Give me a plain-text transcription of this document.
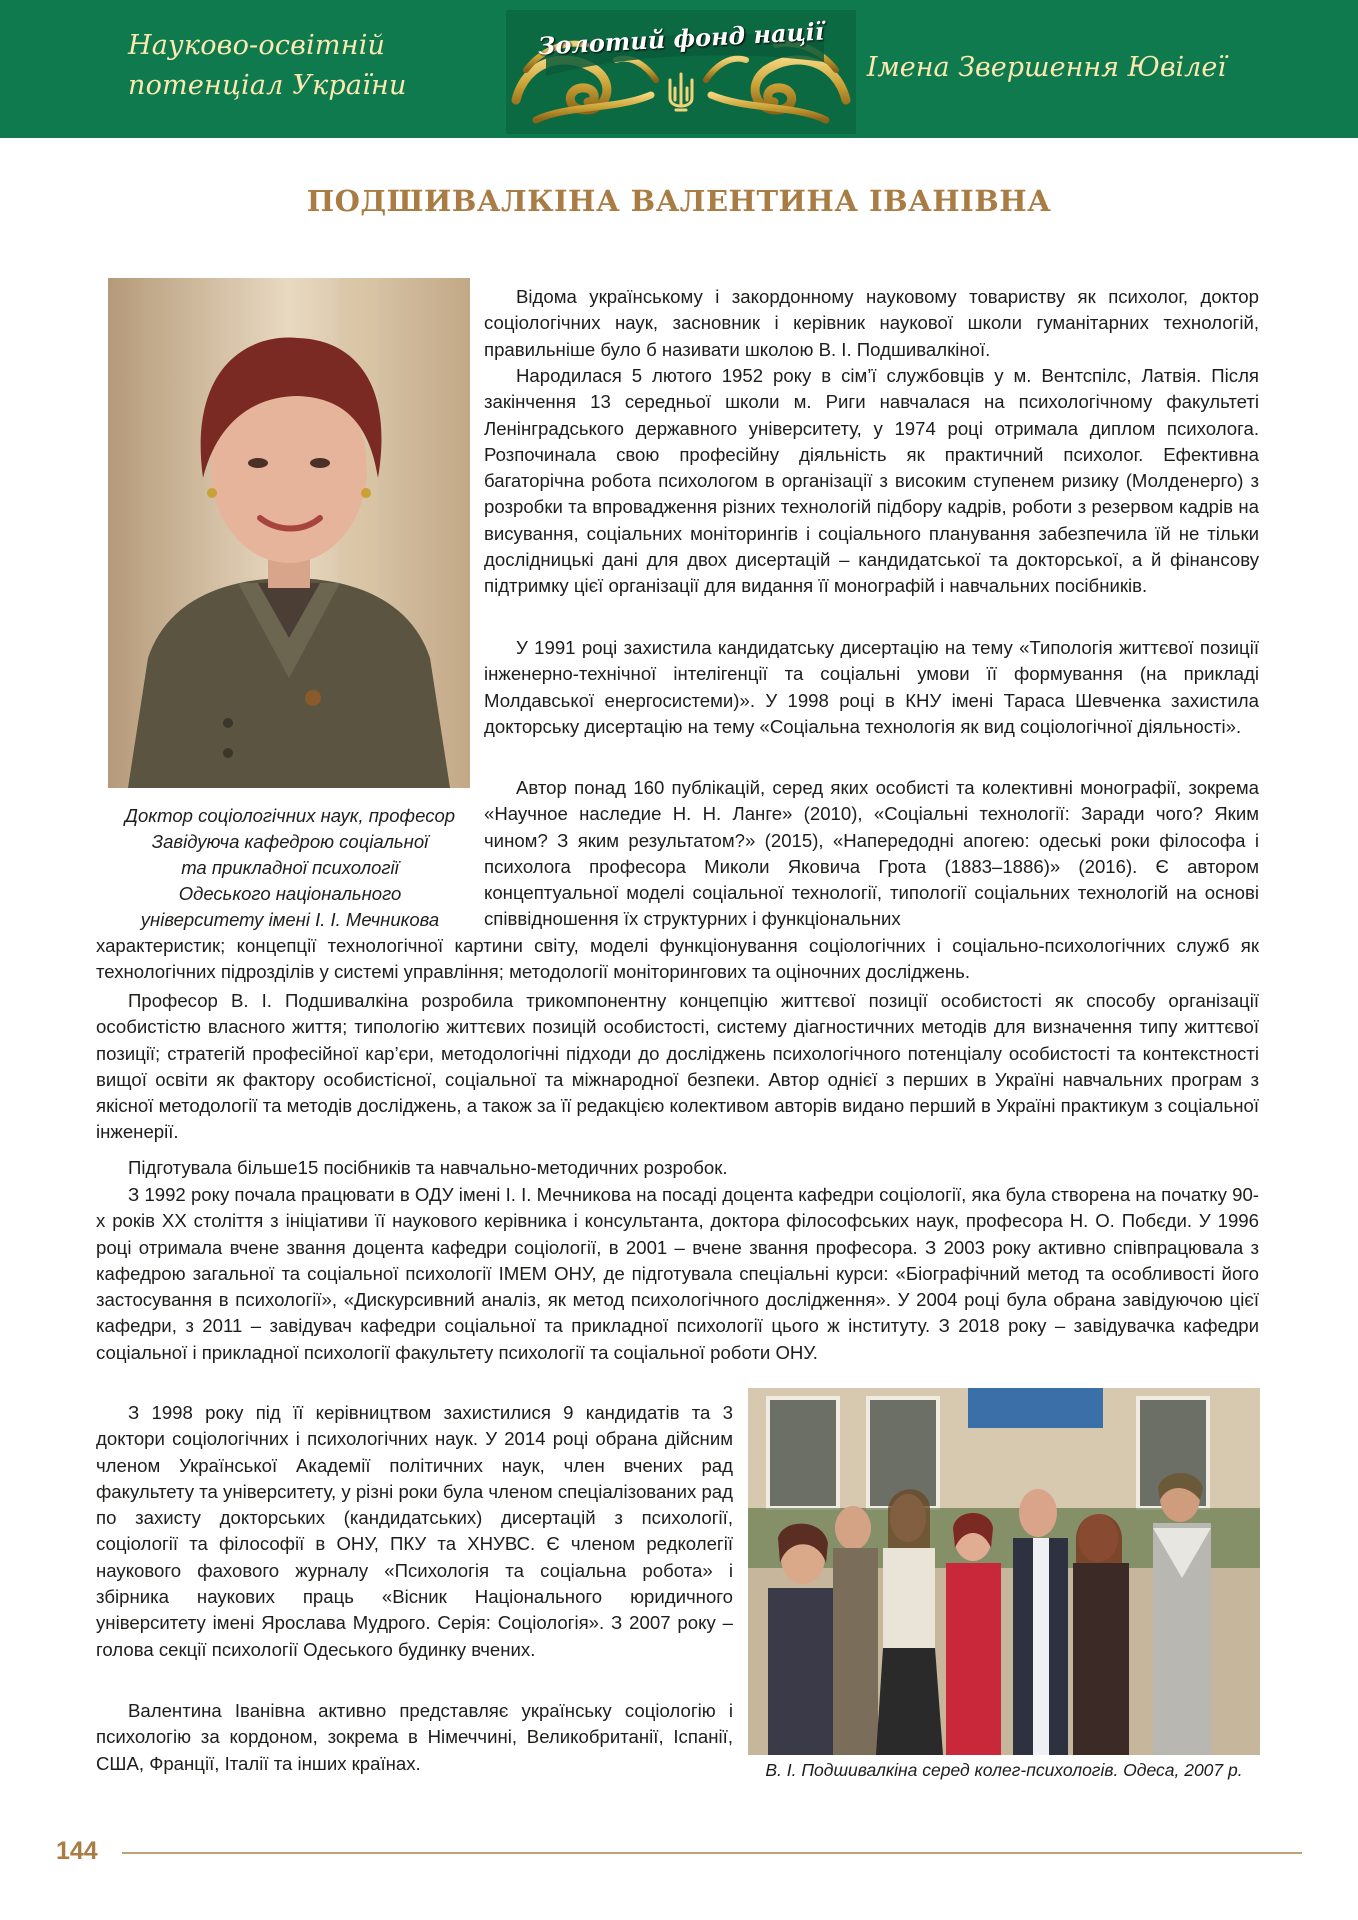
Науково-освітній
потенціал України
Золотий фонд нації
Імена Звершення Ювілеї
ПОДШИВАЛКІНА ВАЛЕНТИНА ІВАНІВНА
Доктор соціологічних наук, професор
Завідуюча кафедрою соціальної
та прикладної психології
Одеського національного
університету імені І. І. Мечникова

Відома українському і закордонному науковому товариству як психолог, доктор соціологічних наук, засновник і керівник наукової школи гуманітарних технологій, правильніше було б називати школою В. І. Подшивалкіної.

Народилася 5 лютого 1952 року в сім’ї службовців у м. Вентспілс, Латвія. Після закінчення 13 середньої школи м. Риги навчалася на психологічному факультеті Ленінградського державного університету, у 1974 році отримала диплом психолога. Розпочинала свою професійну діяльність як практичний психолог. Ефективна багаторічна робота психологом в організації з високим ступенем ризику (Молденерго) з розробки та впровадження різних технологій підбору кадрів, роботи з резервом кадрів на висування, соціальних моніторингів і соціального планування забезпечила їй не тільки дослідницькі дані для двох дисертацій – кандидатської та докторської, а й фінансову підтримку цієї організації для видання її монографій і навчальних посібників.

У 1991 році захистила кандидатську дисертацію на тему «Типологія життєвої позиції інженерно-технічної інтелігенції та соціальні умови її формування (на прикладі Молдавської енергосистеми)». У 1998 році в КНУ імені Тараса Шевченка захистила докторську дисертацію на тему «Соціальна технологія як вид соціологічної діяльності».

Автор понад 160 публікацій, серед яких особисті та колективні монографії, зокрема «Научное наследие Н. Н. Ланге» (2010), «Соціальні технології: Заради чого? Яким чином? З яким результатом?» (2015), «Напередодні апогею: одеські роки філософа і психолога професора Миколи Яковича Грота (1883–1886)» (2016). Є автором концептуальної моделі соціальної технології, типології соціальних технологій на основі співвідношення їх структурних і функціональних

характеристик; концепції технологічної картини світу, моделі функціонування соціологічних і соціально-психологічних служб як технологічних підрозділів у системі управління; методології моніторингових та оціночних досліджень.

Професор В. І. Подшивалкіна розробила трикомпонентну концепцію життєвої позиції особистості як способу організації особистістю власного життя; типологію життєвих позицій особистості, систему діагностичних методів для визначення типу життєвої позиції; стратегій професійної кар’єри, методологічні підходи до досліджень психологічного потенціалу особистості та контекстності вищої освіти як фактору особистісної, соціальної та міжнародної безпеки. Автор однієї з перших в Україні навчальних програм з якісної методології та методів досліджень, а також за її редакцією колективом авторів видано перший в Україні практикум з соціальної інженерії.

Підготувала більше15 посібників та навчально-методичних розробок.

З 1992 року почала працювати в ОДУ імені І. І. Мечникова на посаді доцента кафедри соціології, яка була створена на початку 90-х років ХХ століття з ініціативи її наукового керівника і консультанта, доктора філософських наук, професора Н. О. Побєди. У 1996 році отримала вчене звання доцента кафедри соціології, в 2001 – вчене звання професора. З 2003 року активно співпрацювала з кафедрою загальної та соціальної психології ІМЕМ ОНУ, де підготувала спеціальні курси: «Біографічний метод та особливості його застосування в психології», «Дискурсивний аналіз, як метод психологічного дослідження». У 2004 році була обрана завідуючою цієї кафедри, з 2011 – завідувач кафедри соціальної та прикладної психології цього ж інституту. З 2018 року – завідувачка кафедри соціальної і прикладної психології факультету психології та соціальної роботи ОНУ.

З 1998 року під її керівництвом захистилися 9 кандидатів та 3 доктори соціологічних і психологічних наук. У 2014 році обрана дійсним членом Української Академії політичних наук, член вчених рад факультету та університету, у різні роки була членом спеціалізованих рад по захисту докторських (кандидатських) дисертацій з психології, соціології та філософії в ОНУ, ПКУ та ХНУВС. Є членом редколегії наукового фахового журналу «Психологія та соціальна робота» і збірника наукових праць «Вісник Національного юридичного університету імені Ярослава Мудрого. Серія: Соціологія». З 2007 року – голова секції психології Одеського будинку вчених.

Валентина Іванівна активно представляє українську соціологію і психологію за кордоном, зокрема в Німеччині, Великобританії, Іспанії, США, Франції, Італії та інших країнах.	В. І. Подшивалкіна серед колег-психологів. Одеса, 2007 р.
144
